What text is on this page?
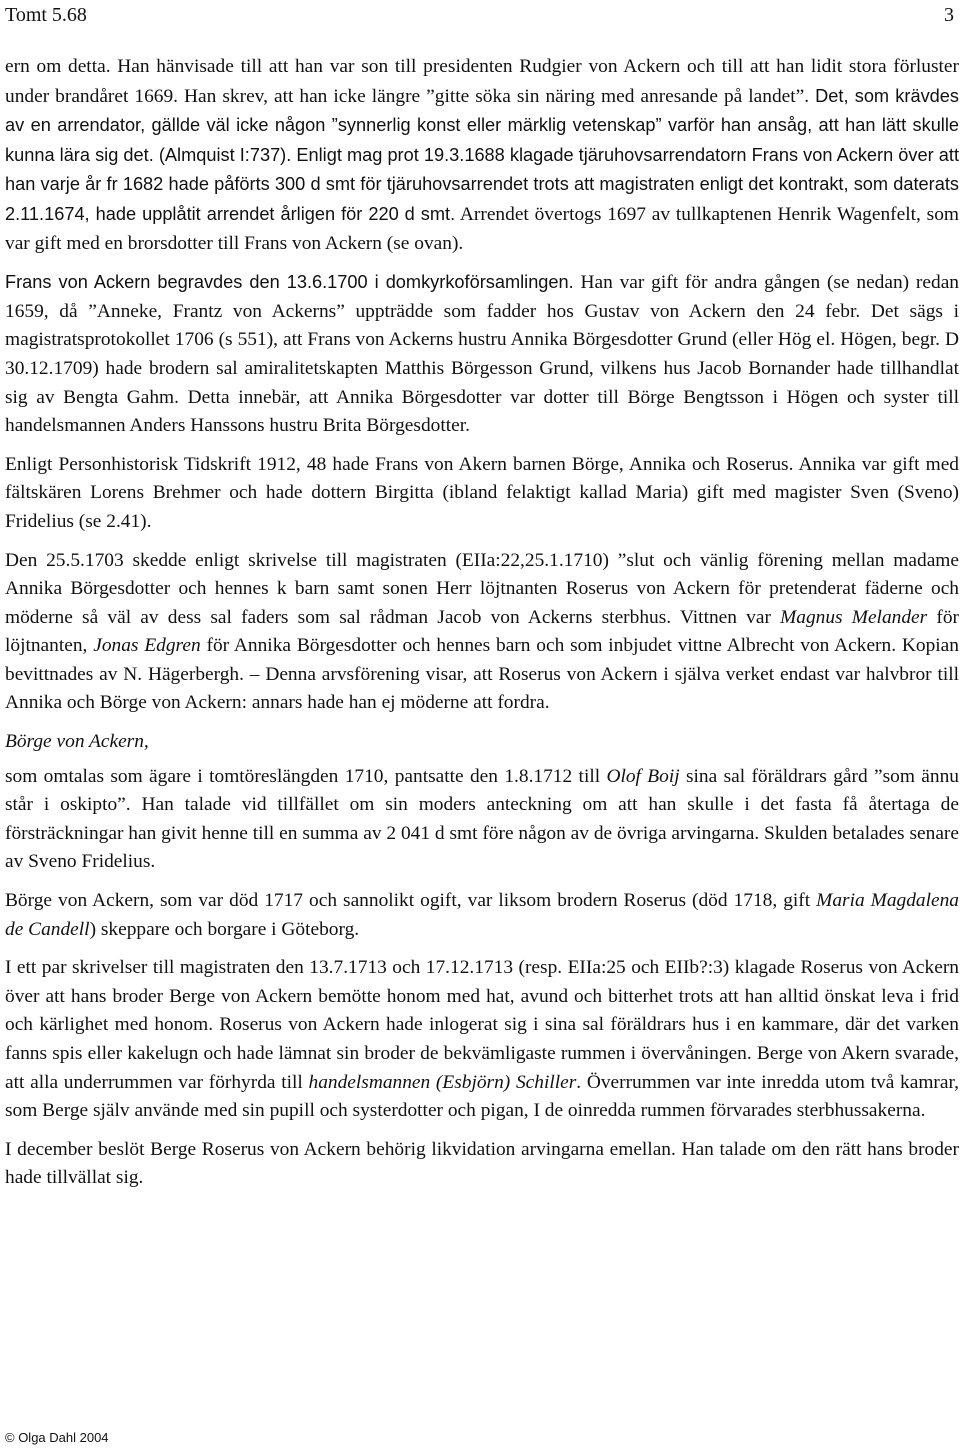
Tomt 5.68	3

ern om detta. Han hänvisade till att han var son till presidenten Rudgier von Ackern och till att han lidit stora förluster under brandåret 1669. Han skrev, att han icke längre ”gitte söka sin näring med anresande på landet”. Det, som krävdes av en arrendator, gällde väl icke någon ”synnerlig konst eller märklig vetenskap” varför han ansåg, att han lätt skulle kunna lära sig det. (Almquist I:737). Enligt mag prot 19.3.1688 klagade tjäruhovsarrendatorn Frans von Ackern över att han varje år fr 1682 hade påförts 300 d smt för tjäruhovsarrendet trots att magistraten enligt det kontrakt, som daterats 2.11.1674, hade upplåtit arrendet årligen för 220 d smt. Arrendet övertogs 1697 av tullkaptenen Henrik Wagenfelt, som var gift med en brorsdotter till Frans von Ackern (se ovan).

Frans von Ackern begravdes den 13.6.1700 i domkyrkoförsamlingen. Han var gift för andra gången (se nedan) redan 1659, då ”Anneke, Frantz von Ackerns” uppträdde som fadder hos Gustav von Ackern den 24 febr. Det sägs i magistratsprotokollet 1706 (s 551), att Frans von Ackerns hustru Annika Börgesdotter Grund (eller Hög el. Högen, begr. D 30.12.1709) hade brodern sal amiralitetskapten Matthis Börgesson Grund, vilkens hus Jacob Bornander hade tillhandlat sig av Bengta Gahm. Detta innebär, att Annika Börgesdotter var dotter till Börge Bengtsson i Högen och syster till handelsmannen Anders Hanssons hustru Brita Börgesdotter.

Enligt Personhistorisk Tidskrift 1912, 48 hade Frans von Akern barnen Börge, Annika och Roserus. Annika var gift med fältskären Lorens Brehmer och hade dottern Birgitta (ibland felaktigt kallad Maria) gift med magister Sven (Sveno) Fridelius (se 2.41).

Den 25.5.1703 skedde enligt skrivelse till magistraten (EIIa:22,25.1.1710) ”slut och vänlig förening mellan madame Annika Börgesdotter och hennes k barn samt sonen Herr löjtnanten Roserus von Ackern för pretenderat fäderne och möderne så väl av dess sal faders som sal rådman Jacob von Ackerns sterbhus. Vittnen var Magnus Melander för löjtnanten, Jonas Edgren för Annika Börgesdotter och hennes barn och som inbjudet vittne Albrecht von Ackern. Kopian bevittnades av N. Hägerbergh. – Denna arvsförening visar, att Roserus von Ackern i själva verket endast var halvbror till Annika och Börge von Ackern: annars hade han ej möderne att fordra.

Börge von Ackern,

som omtalas som ägare i tomtöreslängden 1710, pantsatte den 1.8.1712 till Olof Boij sina sal föräldrars gård ”som ännu står i oskipto”. Han talade vid tillfället om sin moders anteckning om att han skulle i det fasta få återtaga de försträckningar han givit henne till en summa av 2 041 d smt före någon av de övriga arvingarna. Skulden betalades senare av Sveno Fridelius.

Börge von Ackern, som var död 1717 och sannolikt ogift, var liksom brodern Roserus (död 1718, gift Maria Magdalena de Candell) skeppare och borgare i Göteborg.

I ett par skrivelser till magistraten den 13.7.1713 och 17.12.1713 (resp. EIIa:25 och EIIb?:3) klagade Roserus von Ackern över att hans broder Berge von Ackern bemötte honom med hat, avund och bitterhet trots att han alltid önskat leva i frid och kärlighet med honom. Roserus von Ackern hade inlogerat sig i sina sal föräldrars hus i en kammare, där det varken fanns spis eller kakelugn och hade lämnat sin broder de bekvämligaste rummen i övervåningen. Berge von Akern svarade, att alla underrummen var förhyrda till handelsmannen (Esbjörn) Schiller. Överrummen var inte inredda utom två kamrar, som Berge själv använde med sin pupill och systerdotter och pigan, I de oinredda rummen förvarades sterbhussakerna.

I december beslöt Berge Roserus von Ackern behörig likvidation arvingarna emellan. Han talade om den rätt hans broder hade tillvällat sig.

© Olga Dahl 2004
